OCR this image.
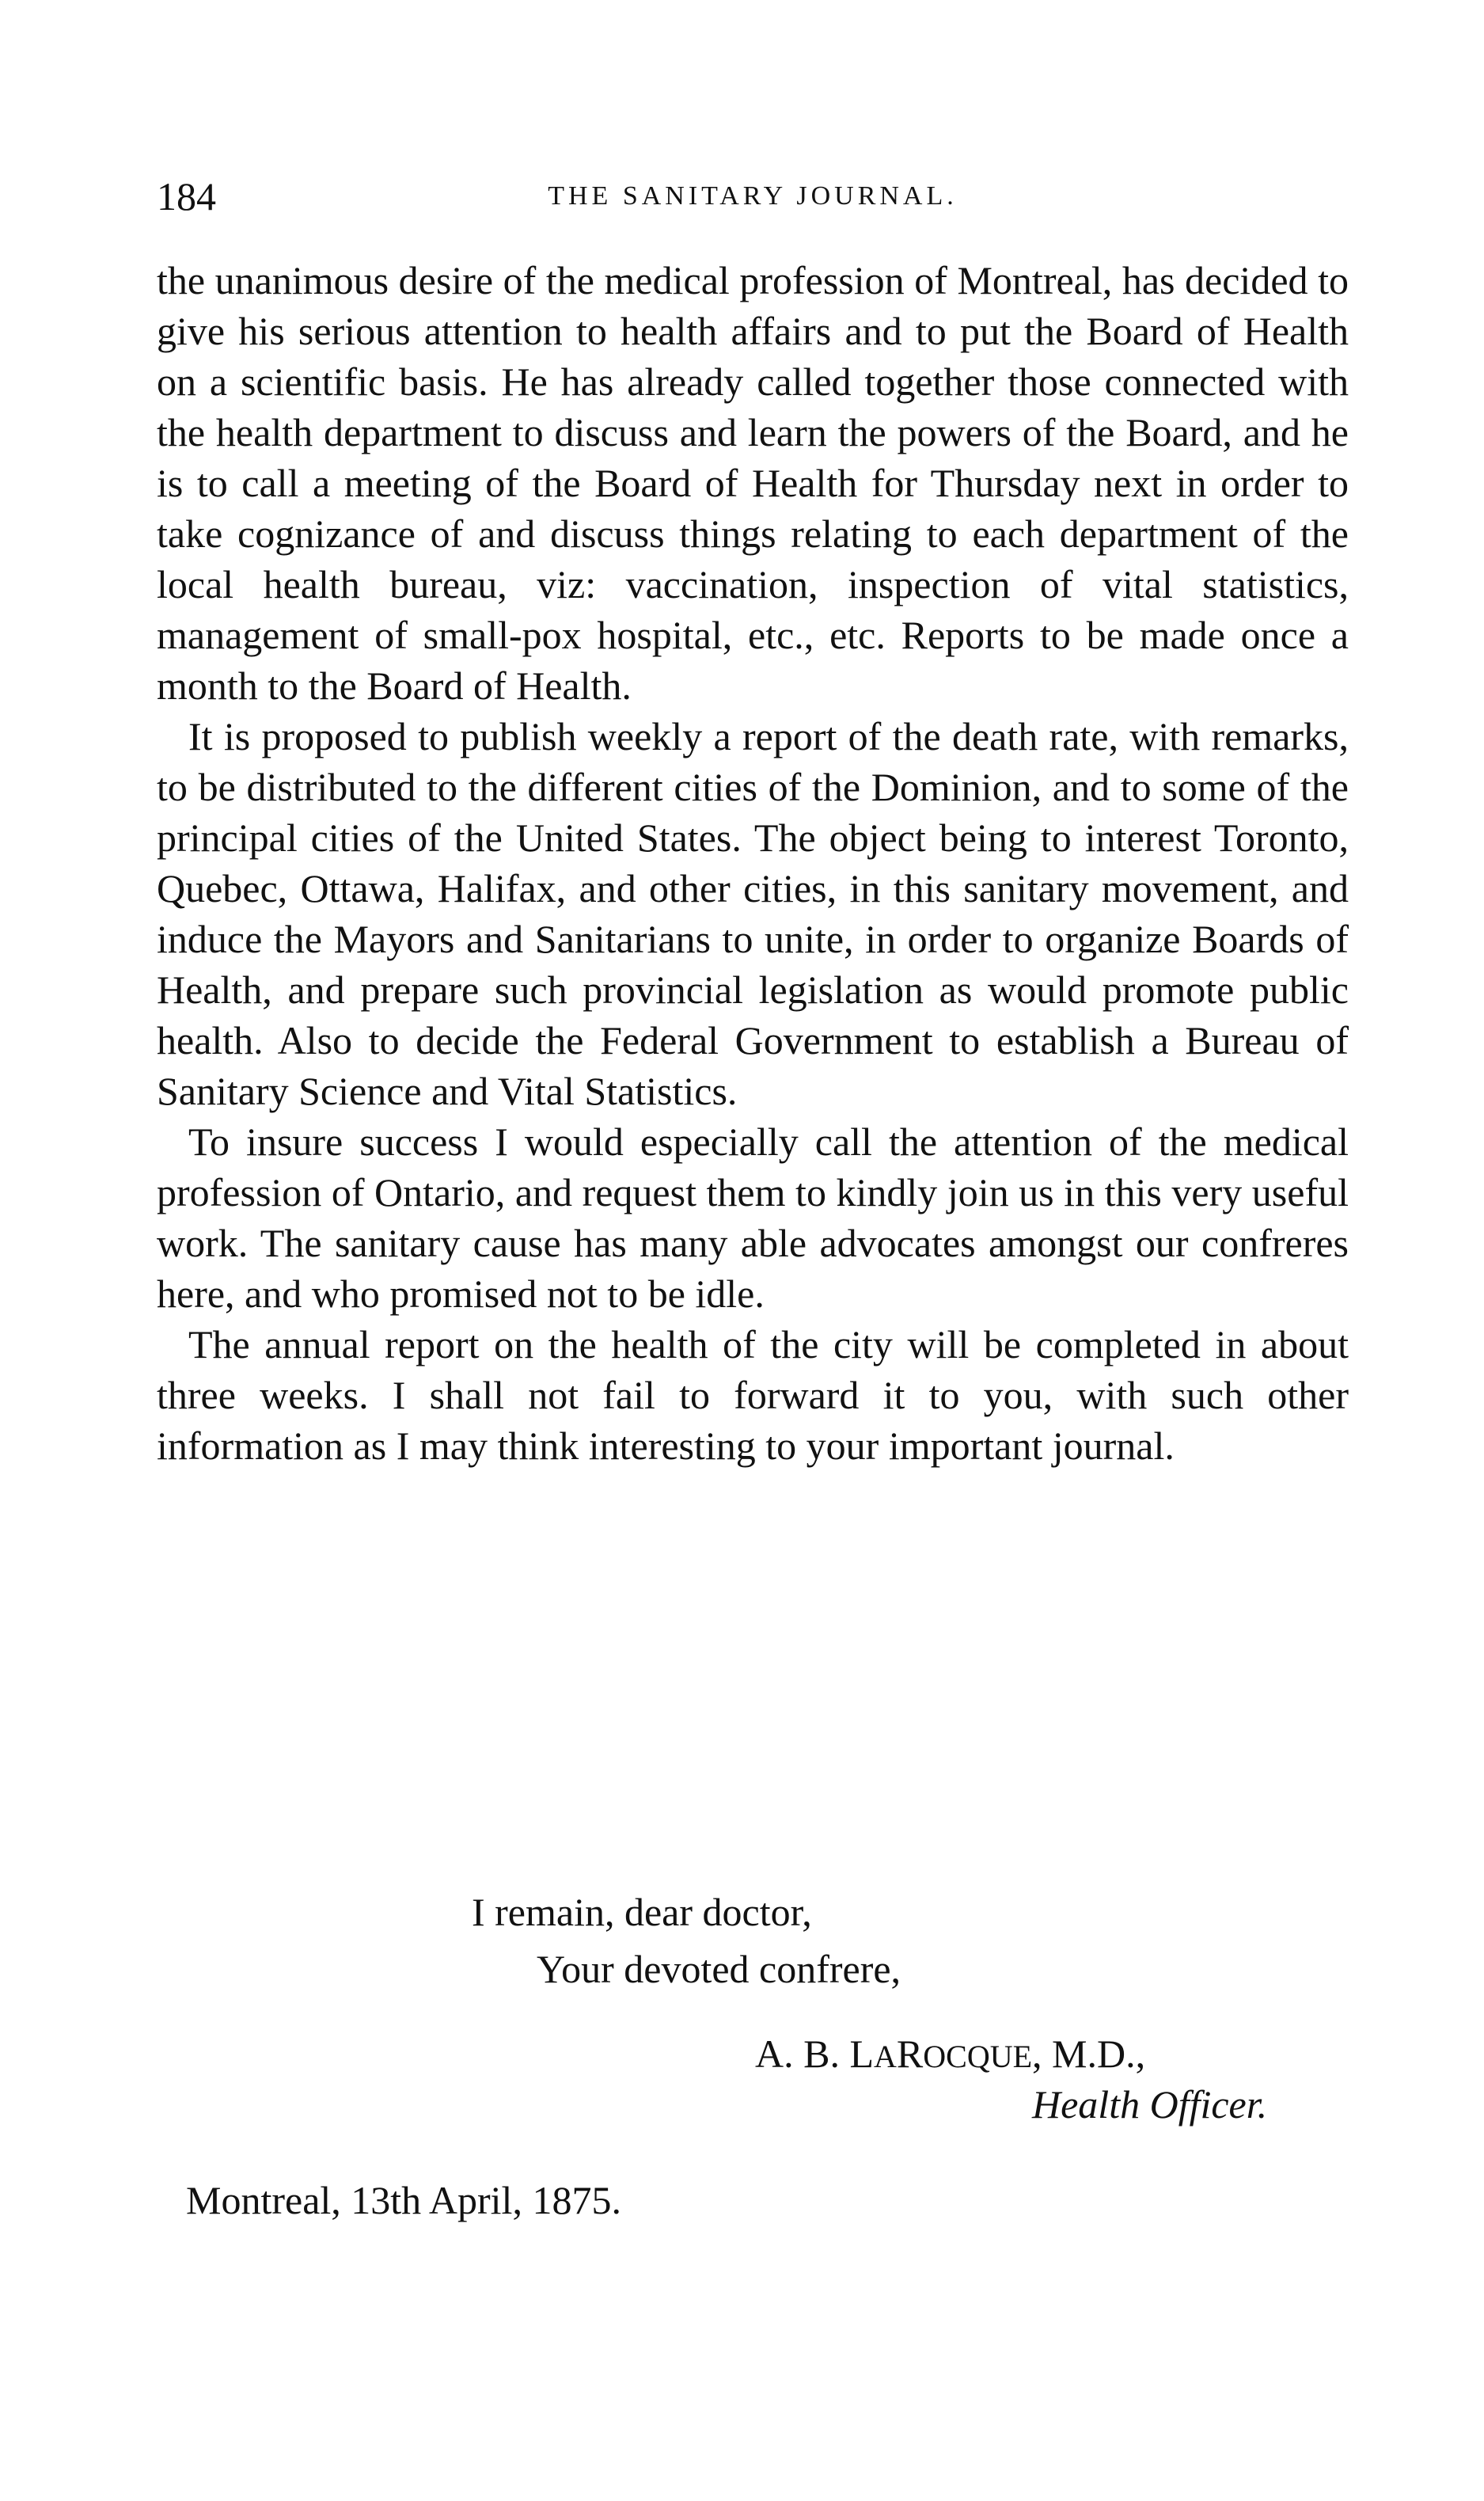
184	THE SANITARY JOURNAL.

the unanimous desire of the medical profession of Montreal, has decided to give his serious attention to health affairs and to put the Board of Health on a scientific basis. He has already called together those connected with the health department to discuss and learn the powers of the Board, and he is to call a meeting of the Board of Health for Thursday next in order to take cognizance of and discuss things relating to each department of the local health bureau, viz: vaccination, inspection of vital statistics, management of small-pox hospital, etc., etc. Reports to be made once a month to the Board of Health.

It is proposed to publish weekly a report of the death rate, with remarks, to be distributed to the different cities of the Dominion, and to some of the principal cities of the United States. The object being to interest Toronto, Quebec, Ottawa, Halifax, and other cities, in this sanitary movement, and induce the Mayors and Sanitarians to unite, in order to organize Boards of Health, and prepare such provincial legislation as would promote public health. Also to decide the Federal Government to establish a Bureau of Sanitary Science and Vital Statistics.

To insure success I would especially call the attention of the medical profession of Ontario, and request them to kindly join us in this very useful work. The sanitary cause has many able advocates amongst our confreres here, and who promised not to be idle.

The annual report on the health of the city will be completed in about three weeks. I shall not fail to forward it to you, with such other information as I may think interesting to your important journal.

I remain, dear doctor,
Your devoted confrere,
A. B. LAROCQUE, M.D.,
Health Officer.
Montreal, 13th April, 1875.
